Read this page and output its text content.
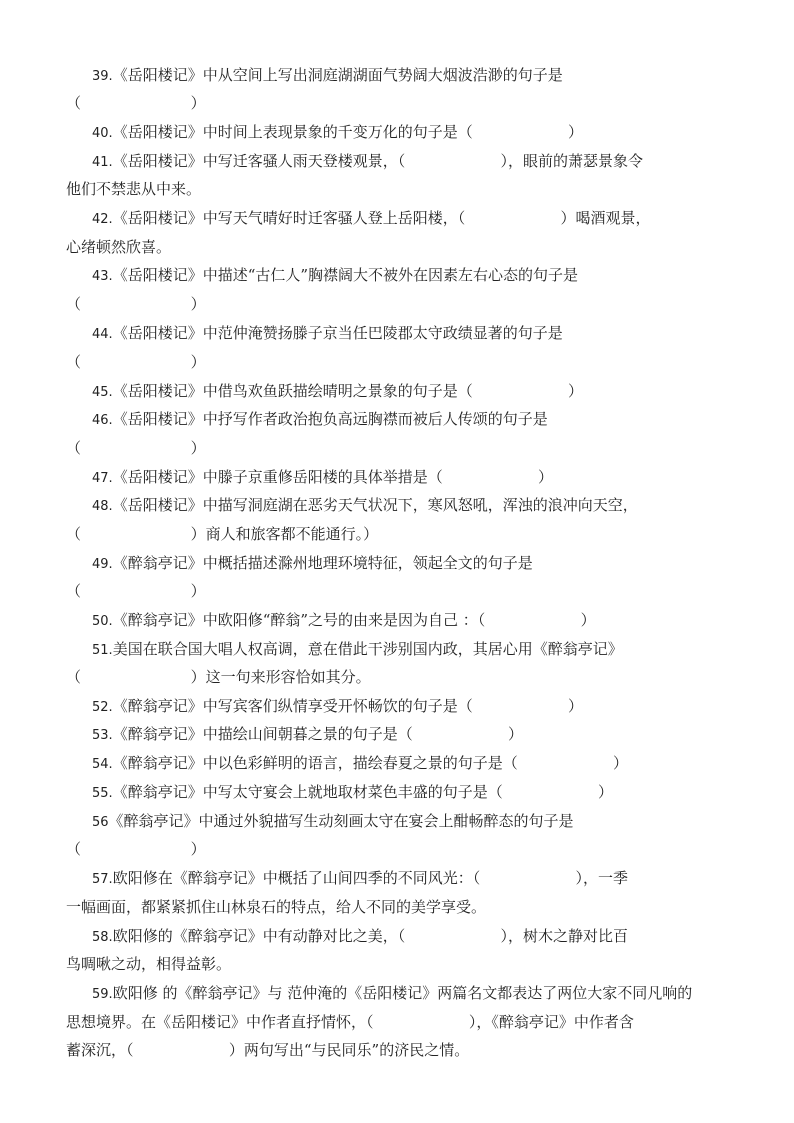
39.《岳阳楼记》中从空间上写出洞庭湖湖面气势阔大烟波浩渺的句子是
（                       ）
40.《岳阳楼记》中时间上表现景象的千变万化的句子是（                    ）
41.《岳阳楼记》中写迁客骚人雨天登楼观景，（                    ），眼前的萧瑟景象令
他们不禁悲从中来。
42.《岳阳楼记》中写天气晴好时迁客骚人登上岳阳楼，（                    ）喝酒观景，
心绪顿然欣喜。
43.《岳阳楼记》中描述“古仁人”胸襟阔大不被外在因素左右心态的句子是
（                       ）
44.《岳阳楼记》中范仲淹赞扬滕子京当任巴陵郡太守政绩显著的句子是
（                       ）
45.《岳阳楼记》中借鸟欢鱼跃描绘晴明之景象的句子是（                    ）
46.《岳阳楼记》中抒写作者政治抱负高远胸襟而被后人传颂的句子是
（                       ）
47.《岳阳楼记》中滕子京重修岳阳楼的具体举措是（                    ）
48.《岳阳楼记》中描写洞庭湖在恶劣天气状况下，寒风怒吼，浑浊的浪冲向天空，
（                       ）商人和旅客都不能通行。）
49.《醉翁亭记》中概括描述滁州地理环境特征，领起全文的句子是
（                       ）
50.《醉翁亭记》中欧阳修“醉翁”之号的由来是因为自己 ：（                    ）
51.美国在联合国大唱人权高调，意在借此干涉别国内政，其居心用《醉翁亭记》
（                       ）这一句来形容恰如其分。
52.《醉翁亭记》中写宾客们纵情享受开怀畅饮的句子是（                    ）
53.《醉翁亭记》中描绘山间朝暮之景的句子是（                    ）
54.《醉翁亭记》中以色彩鲜明的语言，描绘春夏之景的句子是（                    ）
55.《醉翁亭记》中写太守宴会上就地取材菜色丰盛的句子是（                    ）
56《醉翁亭记》中通过外貌描写生动刻画太守在宴会上酣畅醉态的句子是
（                       ）
57.欧阳修在《醉翁亭记》中概括了山间四季的不同风光：（                    ），一季
一幅画面，都紧紧抓住山林泉石的特点，给人不同的美学享受。
58.欧阳修的《醉翁亭记》中有动静对比之美，（                    ），树木之静对比百
鸟啁啾之动，相得益彰。
59.欧阳修 的《醉翁亭记》与 范仲淹的《岳阳楼记》两篇名文都表达了两位大家不同凡响的
思想境界。在《岳阳楼记》中作者直抒情怀，（                    ），《醉翁亭记》中作者含
蓄深沉，（                    ）两句写出“与民同乐”的济民之情。
